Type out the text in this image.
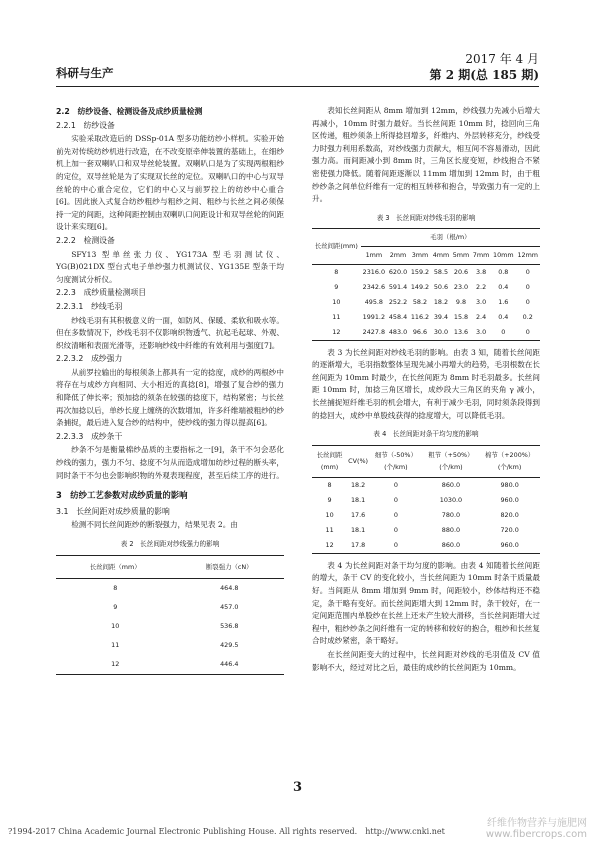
科研与生产
2017 年 4 月
第 2 期(总 185 期)
2.2　纺纱设备、检测设备及成纱质量检测
2.2.1　纺纱设备
实验采取改造后的 DSSp-01A 型多功能纺纱小样机。实验开始前先对传统纺纱机进行改造，在不改变原牵伸装置的基础上，在细纱机上加一套双喇叭口和双导丝轮装置。双喇叭口是为了实现两根粗纱的定位，双导丝轮是为了实现双长丝的定位。双喇叭口的中心与双导丝轮的中心重合定位，它们的中心又与前罗拉上的纺纱中心重合[6]。因此嵌入式复合纺纱粗纱与粗纱之间、粗纱与长丝之间必须保持一定的间距，这种间距控制由双喇叭口间距设计和双导丝轮的间距设计来实现[6]。
2.2.2　检测设备
SFY13 型单丝张力仪、YG173A 型毛羽测试仪、YG(B)021DX 型台式电子单纱强力机测试仪、YG135E 型条干均匀度测试分析仪。
2.2.3　成纱质量检测项目
2.2.3.1　纱线毛羽
纱线毛羽有其积极意义的一面，如防风、保暖、柔软和吸水等。但在多数情况下，纱线毛羽不仅影响织物透气、抗起毛起球、外观、织纹清晰和表面光滑等，还影响纱线中纤维的有效利用与强度[7]。
2.2.3.2　成纱强力
从前罗拉输出的每根须条上都具有一定的捻度，成纱的两根纱中将存在与成纱方向相同、大小相近的真捻[8]，增强了复合纱的强力和降低了伸长率；预加捻的须条在较强的捻度下，结构紧密；与长丝再次加捻以后，单纱长度上缠绕的次数增加，许多纤维端被粗纱的纱条捕捉，最后进入复合纱的结构中，使纱线的强力得以提高[6]。
2.2.3.3　成纱条干
纱条不匀是衡量棉纱品质的主要指标之一[9]，条干不匀会恶化纱线的强力，强力不匀、捻度不匀从而造成增加纺纱过程的断头率，同时条干不匀也会影响织物的外观表现程度，甚至后续工序的进行。
3　纺纱工艺参数对成纱质量的影响
3.1　长丝间距对成纱质量的影响
检测不同长丝间距纱的断裂强力，结果见表 2。由
表 2　长丝间距对纱线强力的影响
长丝间距（mm）	断裂强力（cN）
8	464.8
9	457.0
10	536.8
11	429.5
12	446.4
表知长丝间距从 8mm 增加到 12mm，纱线强力先减小后增大再减小，10mm 时强力最好。当长丝间距 10mm 时，捻回向三角区传递，粗纱须条上所得捻回增多，纤维内、外层转移充分，纱线受力时强力利用系数高，对纱线强力贡献大，相互间不容易滑动，因此强力高。而间距减小到 8mm 时，三角区长度变短，纱线抱合不紧密使强力降低。随着间距逐渐以 11mm 增加到 12mm 时，由于粗纱纱条之间单位纤维有一定的相互转移和抱合，导致强力有一定的上升。
表 3　长丝间距对纱线毛羽的影响
长丝间距(mm)	毛羽（根/m）							
	1mm	2mm	3mm	4mm	5mm	7mm	10mm	12mm
8	2316.0	620.0	159.2	58.5	20.6	3.8	0.8	0
9	2342.6	591.4	149.2	50.6	23.0	2.2	0.4	0
10	495.8	252.2	58.2	18.2	9.8	3.0	1.6	0
11	1991.2	458.4	116.2	39.4	15.8	2.4	0.4	0.2
12	2427.8	483.0	96.6	30.0	13.6	3.0	0	0
表 3 为长丝间距对纱线毛羽的影响。由表 3 知，随着长丝间距的逐渐增大，毛羽指数整体呈现先减小再增大的趋势，毛羽根数在长丝间距为 10mm 时最少，在长丝间距为 8mm 时毛羽最多。长丝间距 10mm 时，加捻三角区增长，成纱段大三角区的夹角 γ 减小，长丝捕捉短纤维毛羽的机会增大，有利于减少毛羽，同时须条段得到的捻回大，成纱中单股线获得的捻度增大，可以降低毛羽。
表 4　长丝间距对条干均匀度的影响
长丝间距(mm)	CV(%)	细节（-50%）(个/km)	粗节（+50%）(个/km)	棉节（+200%）(个/km)
8	18.2	0	860.0	980.0
9	18.1	0	1030.0	960.0
10	17.6	0	780.0	820.0
11	18.1	0	880.0	720.0
12	17.8	0	860.0	960.0
表 4 为长丝间距对条干均匀度的影响。由表 4 知随着长丝间距的增大，条干 CV 的变化较小，当长丝间距为 10mm 时条干质量最好。当间距从 8mm 增加到 9mm 时，间距较小，纱体结构还不稳定，条干略有变好。而长丝间距增大到 12mm 时，条干较好，在一定间距范围内单股纱在长丝上还未产生较大滑移，当长丝间距增大过程中，粗纱纱条之间纤维有一定的转移和较好的抱合，粗纱和长丝复合时成纱紧密，条干略好。
在长丝间距变大的过程中，长丝间距对纱线的毛羽值及 CV 值影响不大，经过对比之后，最佳的成纱的长丝间距为 10mm。
3
?1994-2017 China Academic Journal Electronic Publishing House. All rights reserved.　http://www.cnki.net
纤维作物营养与施肥网
www.fibercrops.com
